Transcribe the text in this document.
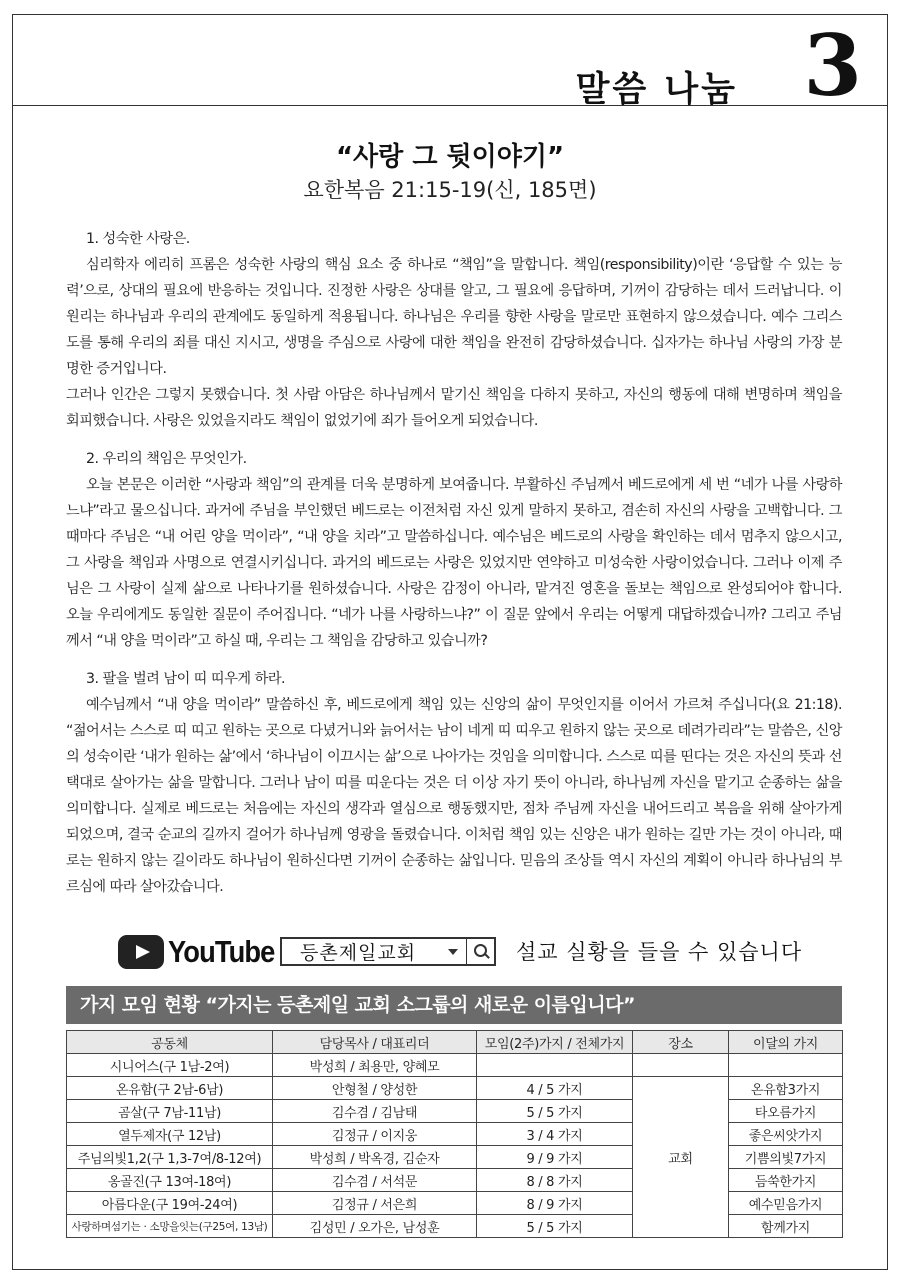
말씀 나눔 3
“사랑 그 뒷이야기”
요한복음 21:15-19(신, 185면)
1. 성숙한 사랑은.

심리학자 에리히 프롬은 성숙한 사랑의 핵심 요소 중 하나로 “책임”을 말합니다. 책임(responsibility)이란 ‘응답할 수 있는 능력’으로, 상대의 필요에 반응하는 것입니다. 진정한 사랑은 상대를 알고, 그 필요에 응답하며, 기꺼이 감당하는 데서 드러납니다. 이 원리는 하나님과 우리의 관계에도 동일하게 적용됩니다. 하나님은 우리를 향한 사랑을 말로만 표현하지 않으셨습니다. 예수 그리스도를 통해 우리의 죄를 대신 지시고, 생명을 주심으로 사랑에 대한 책임을 완전히 감당하셨습니다. 십자가는 하나님 사랑의 가장 분명한 증거입니다.

그러나 인간은 그렇지 못했습니다. 첫 사람 아담은 하나님께서 맡기신 책임을 다하지 못하고, 자신의 행동에 대해 변명하며 책임을 회피했습니다. 사랑은 있었을지라도 책임이 없었기에 죄가 들어오게 되었습니다.

2. 우리의 책임은 무엇인가.

오늘 본문은 이러한 “사랑과 책임”의 관계를 더욱 분명하게 보여줍니다. 부활하신 주님께서 베드로에게 세 번 “네가 나를 사랑하느냐”라고 물으십니다. 과거에 주님을 부인했던 베드로는 이전처럼 자신 있게 말하지 못하고, 겸손히 자신의 사랑을 고백합니다. 그때마다 주님은 “내 어린 양을 먹이라”, “내 양을 치라”고 말씀하십니다. 예수님은 베드로의 사랑을 확인하는 데서 멈추지 않으시고, 그 사랑을 책임과 사명으로 연결시키십니다. 과거의 베드로는 사랑은 있었지만 연약하고 미성숙한 사랑이었습니다. 그러나 이제 주님은 그 사랑이 실제 삶으로 나타나기를 원하셨습니다. 사랑은 감정이 아니라, 맡겨진 영혼을 돌보는 책임으로 완성되어야 합니다. 오늘 우리에게도 동일한 질문이 주어집니다. “네가 나를 사랑하느냐?” 이 질문 앞에서 우리는 어떻게 대답하겠습니까? 그리고 주님께서 “내 양을 먹이라”고 하실 때, 우리는 그 책임을 감당하고 있습니까?

3. 팔을 벌려 남이 띠 띠우게 하라.

예수님께서 “내 양을 먹이라” 말씀하신 후, 베드로에게 책임 있는 신앙의 삶이 무엇인지를 이어서 가르쳐 주십니다(요 21:18). “젊어서는 스스로 띠 띠고 원하는 곳으로 다녔거니와 늙어서는 남이 네게 띠 띠우고 원하지 않는 곳으로 데려가리라”는 말씀은, 신앙의 성숙이란 ‘내가 원하는 삶’에서 ‘하나님이 이끄시는 삶’으로 나아가는 것임을 의미합니다. 스스로 띠를 띤다는 것은 자신의 뜻과 선택대로 살아가는 삶을 말합니다. 그러나 남이 띠를 띠운다는 것은 더 이상 자기 뜻이 아니라, 하나님께 자신을 맡기고 순종하는 삶을 의미합니다. 실제로 베드로는 처음에는 자신의 생각과 열심으로 행동했지만, 점차 주님께 자신을 내어드리고 복음을 위해 살아가게 되었으며, 결국 순교의 길까지 걸어가 하나님께 영광을 돌렸습니다. 이처럼 책임 있는 신앙은 내가 원하는 길만 가는 것이 아니라, 때로는 원하지 않는 길이라도 하나님이 원하신다면 기꺼이 순종하는 삶입니다. 믿음의 조상들 역시 자신의 계획이 아니라 하나님의 부르심에 따라 살아갔습니다.

YouTube	등촌제일교회	설교 실황을 들을 수 있습니다
가지 모임 현황 “가지는 등촌제일 교회 소그룹의 새로운 이름입니다”
공동체	담당목사 / 대표리더	모임(2주)가지 / 전체가지	장소	이달의 가지
시니어스(구 1남-2여)	박성희 / 최용만, 양혜모			
온유함(구 2남-6남)	안형철 / 양성한	4 / 5 가지	교회	온유함3가지
곰살(구 7남-11남)	김수겸 / 김남태	5 / 5 가지		타오름가지
열두제자(구 12남)	김정규 / 이지웅	3 / 4 가지		좋은씨앗가지
주님의빛1,2(구 1,3-7여/8-12여)	박성희 / 박옥경, 김순자	9 / 9 가지		기쁨의빛7가지
옹골진(구 13여-18여)	김수겸 / 서석문	8 / 8 가지		듬쑥한가지
아름다운(구 19여-24여)	김정규 / 서은희	8 / 9 가지		예수믿음가지
사랑하며섬기는 · 소망을잇는(구25여, 13남)	김성민 / 오가은, 남성훈	5 / 5 가지		함께가지
